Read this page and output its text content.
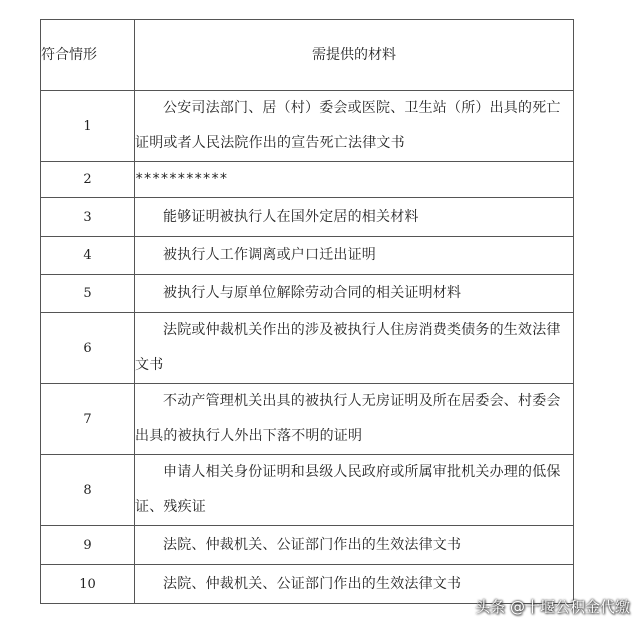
符合情形	需提供的材料
1	公安司法部门、居（村）委会或医院、卫生站（所）出具的死亡证明或者人民法院作出的宣告死亡法律文书
2	***********
3	能够证明被执行人在国外定居的相关材料
4	被执行人工作调离或户口迁出证明
5	被执行人与原单位解除劳动合同的相关证明材料
6	法院或仲裁机关作出的涉及被执行人住房消费类债务的生效法律文书
7	不动产管理机关出具的被执行人无房证明及所在居委会、村委会出具的被执行人外出下落不明的证明
8	申请人相关身份证明和县级人民政府或所属审批机关办理的低保证、残疾证
9	法院、仲裁机关、公证部门作出的生效法律文书
10	法院、仲裁机关、公证部门作出的生效法律文书
头条 @十堰公积金代缴
